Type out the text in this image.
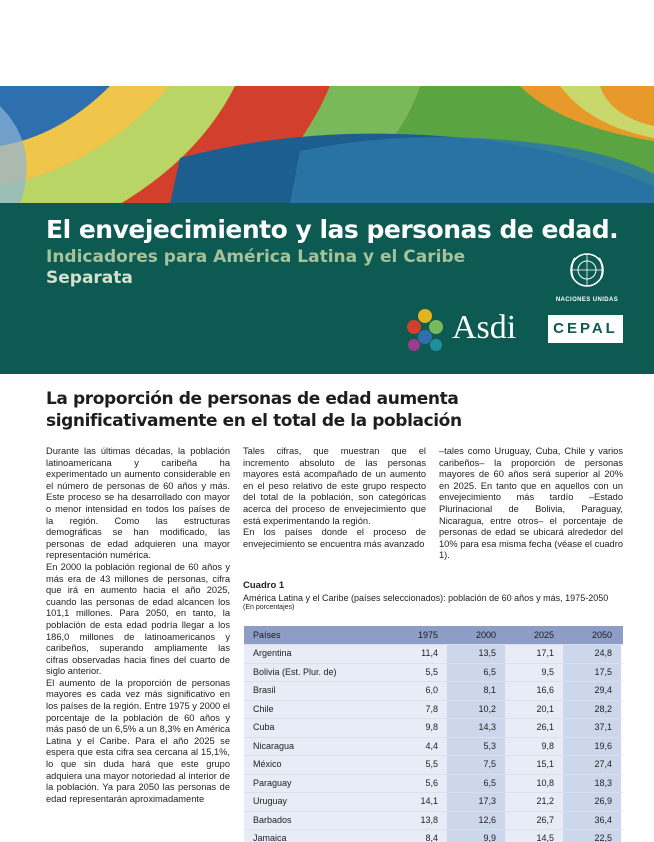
El envejecimiento y las personas de edad.
Indicadores para América Latina y el Caribe
Separata
NACIONES UNIDAS
Asdi	CEPAL
La proporción de personas de edad aumenta
significativamente en el total de la población

Durante las últimas décadas, la población latinoamericana y caribeña ha experimentado un aumento considerable en el número de personas de 60 años y más. Este proceso se ha desarrollado con mayor o menor intensidad en todos los países de la región. Como las estructuras demográficas se han modificado, las personas de edad adquieren una mayor representación numérica.

En 2000 la población regional de 60 años y más era de 43 millones de personas, cifra que irá en aumento hacia el año 2025, cuando las personas de edad alcancen los 101,1 millones. Para 2050, en tanto, la población de esta edad podría llegar a los 186,0 millones de latinoamericanos y caribeños, superando ampliamente las cifras observadas hacia fines del cuarto de siglo anterior.

El aumento de la proporción de personas mayores es cada vez más significativo en los países de la región. Entre 1975 y 2000 el porcentaje de la población de 60 años y más pasó de un 6,5% a un 8,3% en América Latina y el Caribe. Para el año 2025 se espera que esta cifra sea cercana al 15,1%, lo que sin duda hará que este grupo adquiera una mayor notoriedad al interior de la población. Ya para 2050 las personas de edad representarán aproximadamente

Tales cifras, que muestran que el incremento absoluto de las personas mayores está acompañado de un aumento en el peso relativo de este grupo respecto del total de la población, son categóricas acerca del proceso de envejecimiento que está experimentando la región.

En los países donde el proceso de envejecimiento se encuentra más avanzado

–tales como Uruguay, Cuba, Chile y varios caribeños– la proporción de personas mayores de 60 años será superior al 20% en 2025. En tanto que en aquellos con un envejecimiento más tardío –Estado Plurinacional de Bolivia, Paraguay, Nicaragua, entre otros– el porcentaje de personas de edad se ubicará alrededor del 10% para esa misma fecha (véase el cuadro 1).

Cuadro 1
América Latina y el Caribe (países seleccionados): población de 60 años y más, 1975-2050
(En porcentajes)
Países	1975	2000	2025	2050
Argentina	11,4	13,5	17,1	24,8
Bolivia (Est. Plur. de)	5,5	6,5	9,5	17,5
Brasil	6,0	8,1	16,6	29,4
Chile	7,8	10,2	20,1	28,2
Cuba	9,8	14,3	26,1	37,1
Nicaragua	4,4	5,3	9,8	19,6
México	5,5	7,5	15,1	27,4
Paraguay	5,6	6,5	10,8	18,3
Uruguay	14,1	17,3	21,2	26,9
Barbados	13,8	12,6	26,7	36,4
Jamaica	8,4	9,9	14,5	22,5
